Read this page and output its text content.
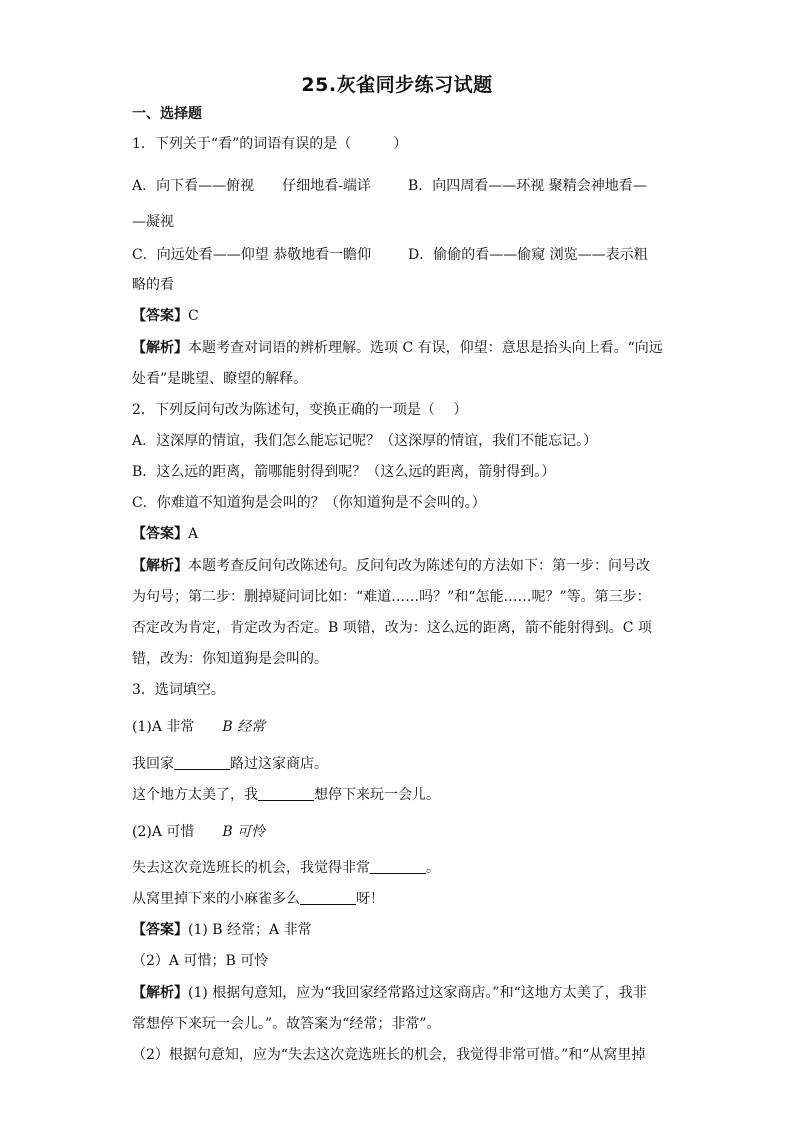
25.灰雀同步练习试题
一、选择题
1．下列关于“看”的词语有误的是（　　　）
A．向下看——俯视　　仔细地看-端详	B．向四周看——环视 聚精会神地看—
—凝视
C．向远处看——仰望 恭敬地看一瞻仰	D．偷偷的看——偷窥 浏览——表示粗
略的看
【答案】C
【解析】本题考查对词语的辨析理解。选项 C 有误，仰望：意思是抬头向上看。“向远
处看”是眺望、瞭望的解释。
2．下列反问句改为陈述句，变换正确的一项是（　 ）
A．这深厚的情谊，我们怎么能忘记呢？（这深厚的情谊，我们不能忘记。）
B．这么远的距离，箭哪能射得到呢？（这么远的距离，箭射得到。）
C．你难道不知道狗是会叫的？（你知道狗是不会叫的。）
【答案】A
【解析】本题考查反问句改陈述句。反问句改为陈述句的方法如下：第一步：问号改
为句号；第二步：删掉疑问词比如：“难道……吗？”和“怎能……呢？”等。第三步：
否定改为肯定，肯定改为否定。B 项错，改为：这么远的距离，箭不能射得到。C 项
错，改为：你知道狗是会叫的。
3．选词填空。
(1)A 非常 B 经常
我回家	路过这家商店。
这个地方太美了，我	想停下来玩一会儿。
(2)A 可惜 B 可怜
失去这次竞选班长的机会，我觉得非常	。
从窝里掉下来的小麻雀多么	呀！
【答案】(1) B 经常；A 非常
（2）A 可惜；B 可怜
【解析】(1) 根据句意知，应为“我回家经常路过这家商店。”和“这地方太美了，我非
常想停下来玩一会儿。”。故答案为“经常；非常”。
（2）根据句意知，应为“失去这次竞选班长的机会，我觉得非常可惜。”和“从窝里掉
